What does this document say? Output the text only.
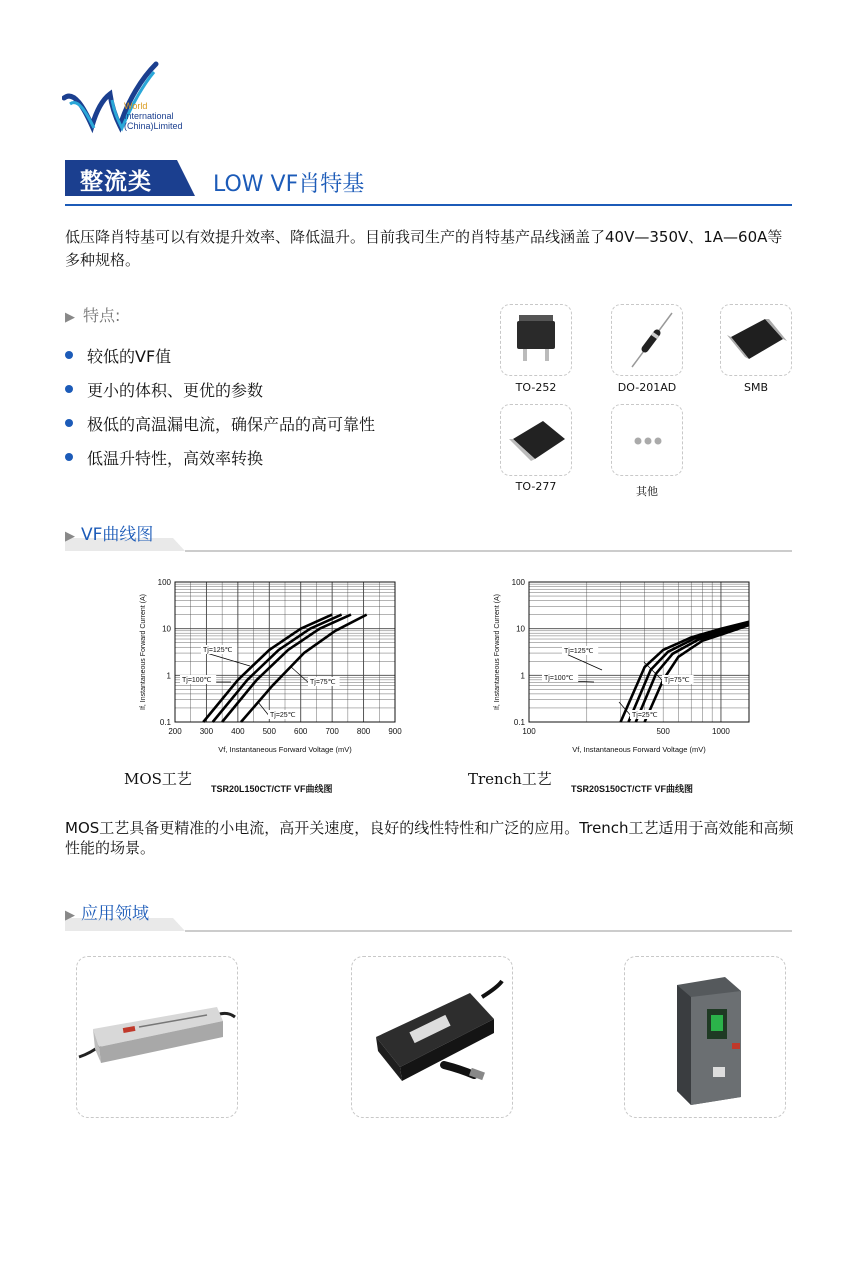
World
International
(China)Limited
整流类	LOW VF肖特基
低压降肖特基可以有效提升效率、降低温升。目前我司生产的肖特基产品线涵盖了40V—350V、1A—60A等多种规格。
▶ 特点:
较低的VF值
更小的体积、更优的参数
极低的高温漏电流，确保产品的高可靠性
低温升特性，高效率转换
TO-252	DO-201AD	SMB
TO-277	其他
▶ VF曲线图
0.1
1
10
100
200 300 400 500 600 700 800 900
Vf, Instantaneous Forward Voltage (mV)
If, Instantaneous Forward Current (A)	Tj=125℃
Tj=100℃	Tj=75℃
Tj=25℃
MOS工艺
TSR20L150CT/CTF VF曲线图
0.1
1
10
100
100	500	1000
Vf, Instantaneous Forward Voltage (mV)
If, Instantaneous Forward Current (A)	Tj=125℃
Tj=100℃	Tj=75℃
Tj=25℃
Trench工艺
TSR20S150CT/CTF VF曲线图
MOS工艺具备更精准的小电流，高开关速度，良好的线性特性和广泛的应用。Trench工艺适用于高效能和高频性能的场景。
▶ 应用领域
